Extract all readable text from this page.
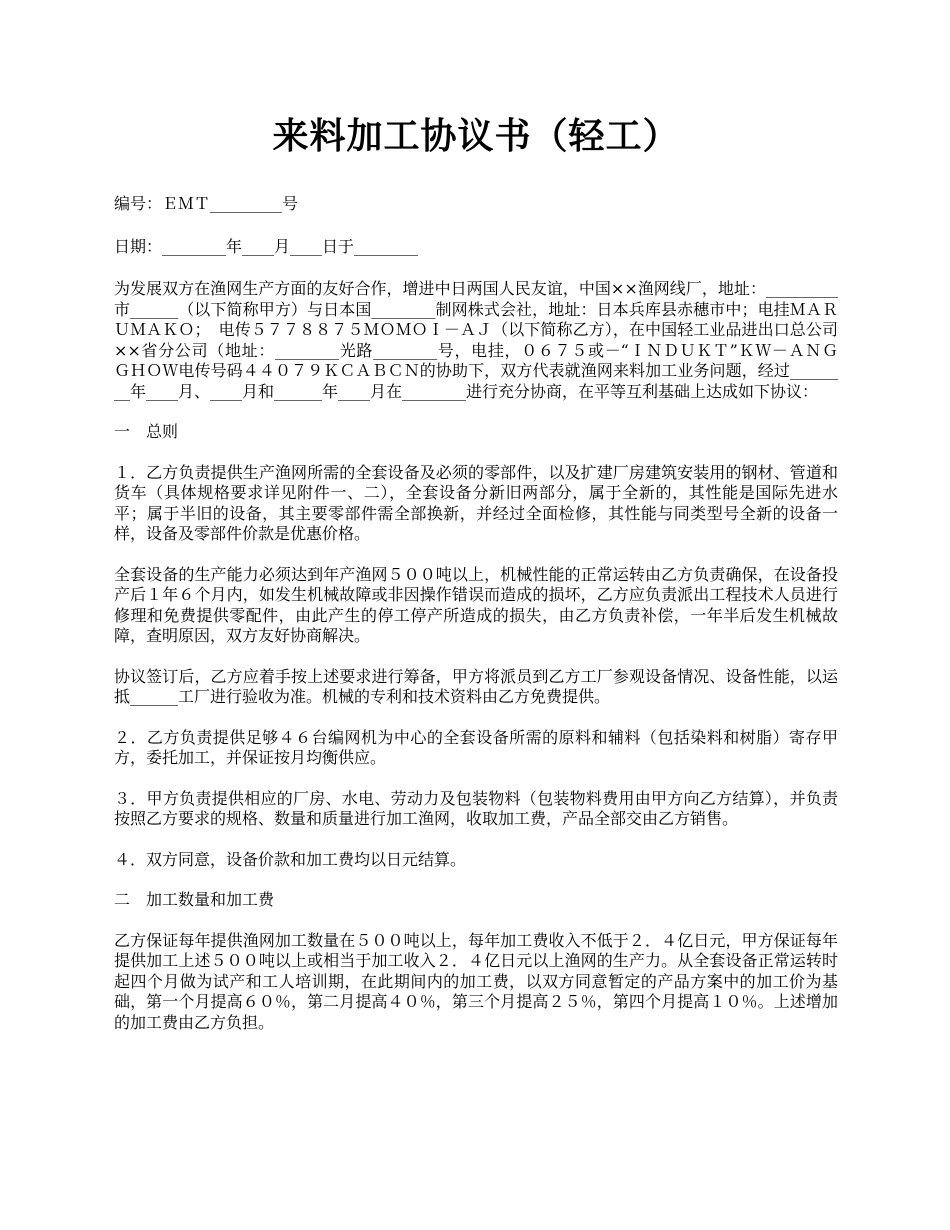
来料加工协议书（轻工）

编号：ＥＭＴ_________号

日期：________年____月____日于________

为发展双方在渔网生产方面的友好合作，增进中日两国人民友谊，中国××渔网线厂，地址：_________市______（以下简称甲方）与日本国________制网株式会社，地址：日本兵库县赤穗市中；电挂ＭＡＲＵＭＡＫＯ；　电传５７７８８７５ＭＯＭＯＩ－ＡＪ（以下简称乙方），在中国轻工业品进出口总公司××省分公司（地址：________光路________号，电挂，０６７５或－“ＩＮＤＵＫＴ”ＫＷ－ＡＮＧ　ＧＨＯＷ电传号码４４０７９ＫＣＡＢＣＮ的协助下，双方代表就渔网来料加工业务问题，经过________年____月、____月和______年____月在________进行充分协商，在平等互利基础上达成如下协议：

一　总则

１．乙方负责提供生产渔网所需的全套设备及必须的零部件，以及扩建厂房建筑安装用的钢材、管道和货车（具体规格要求详见附件一、二），全套设备分新旧两部分，属于全新的，其性能是国际先进水平；属于半旧的设备，其主要零部件需全部换新，并经过全面检修，其性能与同类型号全新的设备一样，设备及零部件价款是优惠价格。

全套设备的生产能力必须达到年产渔网５００吨以上，机械性能的正常运转由乙方负责确保，在设备投产后１年６个月内，如发生机械故障或非因操作错误而造成的损坏，乙方应负责派出工程技术人员进行修理和免费提供零配件，由此产生的停工停产所造成的损失，由乙方负责补偿，一年半后发生机械故障，查明原因，双方友好协商解决。

协议签订后，乙方应着手按上述要求进行筹备，甲方将派员到乙方工厂参观设备情况、设备性能，以运抵______工厂进行验收为准。机械的专利和技术资料由乙方免费提供。

２．乙方负责提供足够４６台编网机为中心的全套设备所需的原料和辅料（包括染料和树脂）寄存甲方，委托加工，并保证按月均衡供应。

３．甲方负责提供相应的厂房、水电、劳动力及包装物料（包装物料费用由甲方向乙方结算），并负责按照乙方要求的规格、数量和质量进行加工渔网，收取加工费，产品全部交由乙方销售。

４．双方同意，设备价款和加工费均以日元结算。

二　加工数量和加工费

乙方保证每年提供渔网加工数量在５００吨以上，每年加工费收入不低于２．４亿日元，甲方保证每年提供加工上述５００吨以上或相当于加工收入２．４亿日元以上渔网的生产力。从全套设备正常运转时起四个月做为试产和工人培训期，在此期间内的加工费，以双方同意暂定的产品方案中的加工价为基础，第一个月提高６０％，第二月提高４０％，第三个月提高２５％，第四个月提高１０％。上述增加的加工费由乙方负担。
